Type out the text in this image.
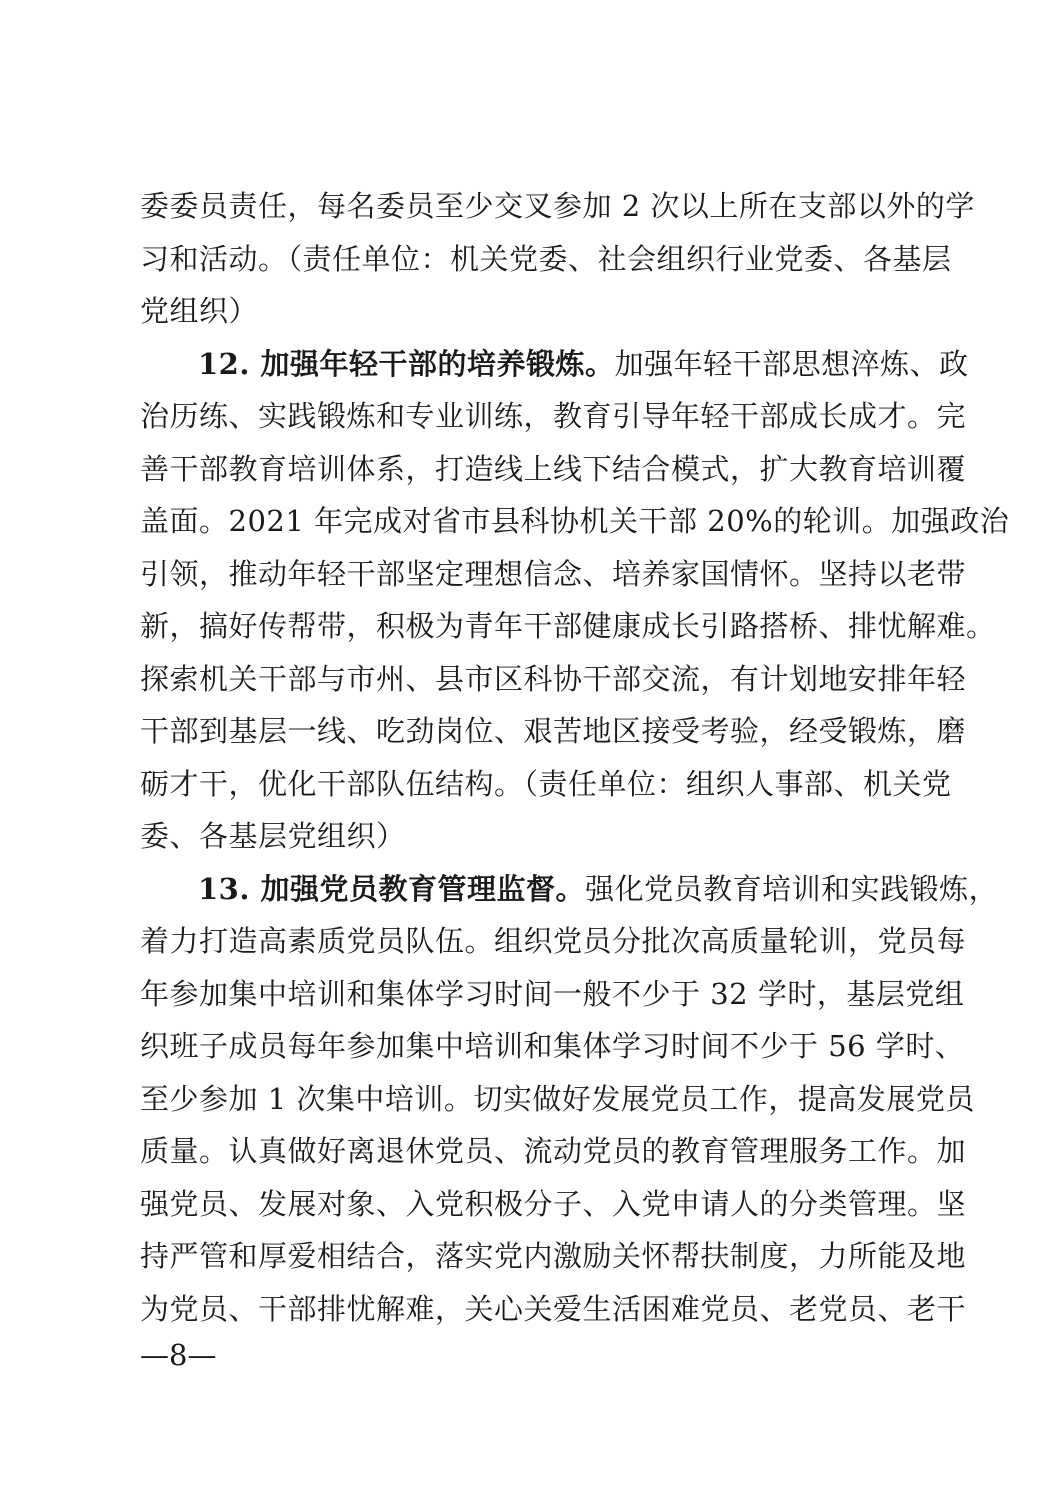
委委员责任，每名委员至少交叉参加 2 次以上所在支部以外的学
习和活动。（责任单位：机关党委、社会组织行业党委、各基层
党组织）
12. 加强年轻干部的培养锻炼。加强年轻干部思想淬炼、政
治历练、实践锻炼和专业训练，教育引导年轻干部成长成才。完
善干部教育培训体系，打造线上线下结合模式，扩大教育培训覆
盖面。2021 年完成对省市县科协机关干部 20%的轮训。加强政治
引领，推动年轻干部坚定理想信念、培养家国情怀。坚持以老带
新，搞好传帮带，积极为青年干部健康成长引路搭桥、排忧解难。
探索机关干部与市州、县市区科协干部交流，有计划地安排年轻
干部到基层一线、吃劲岗位、艰苦地区接受考验，经受锻炼，磨
砺才干，优化干部队伍结构。（责任单位：组织人事部、机关党
委、各基层党组织）
13. 加强党员教育管理监督。强化党员教育培训和实践锻炼，
着力打造高素质党员队伍。组织党员分批次高质量轮训，党员每
年参加集中培训和集体学习时间一般不少于 32 学时，基层党组
织班子成员每年参加集中培训和集体学习时间不少于 56 学时、
至少参加 1 次集中培训。切实做好发展党员工作，提高发展党员
质量。认真做好离退休党员、流动党员的教育管理服务工作。加
强党员、发展对象、入党积极分子、入党申请人的分类管理。坚
持严管和厚爱相结合，落实党内激励关怀帮扶制度，力所能及地
为党员、干部排忧解难，关心关爱生活困难党员、老党员、老干
—8—
